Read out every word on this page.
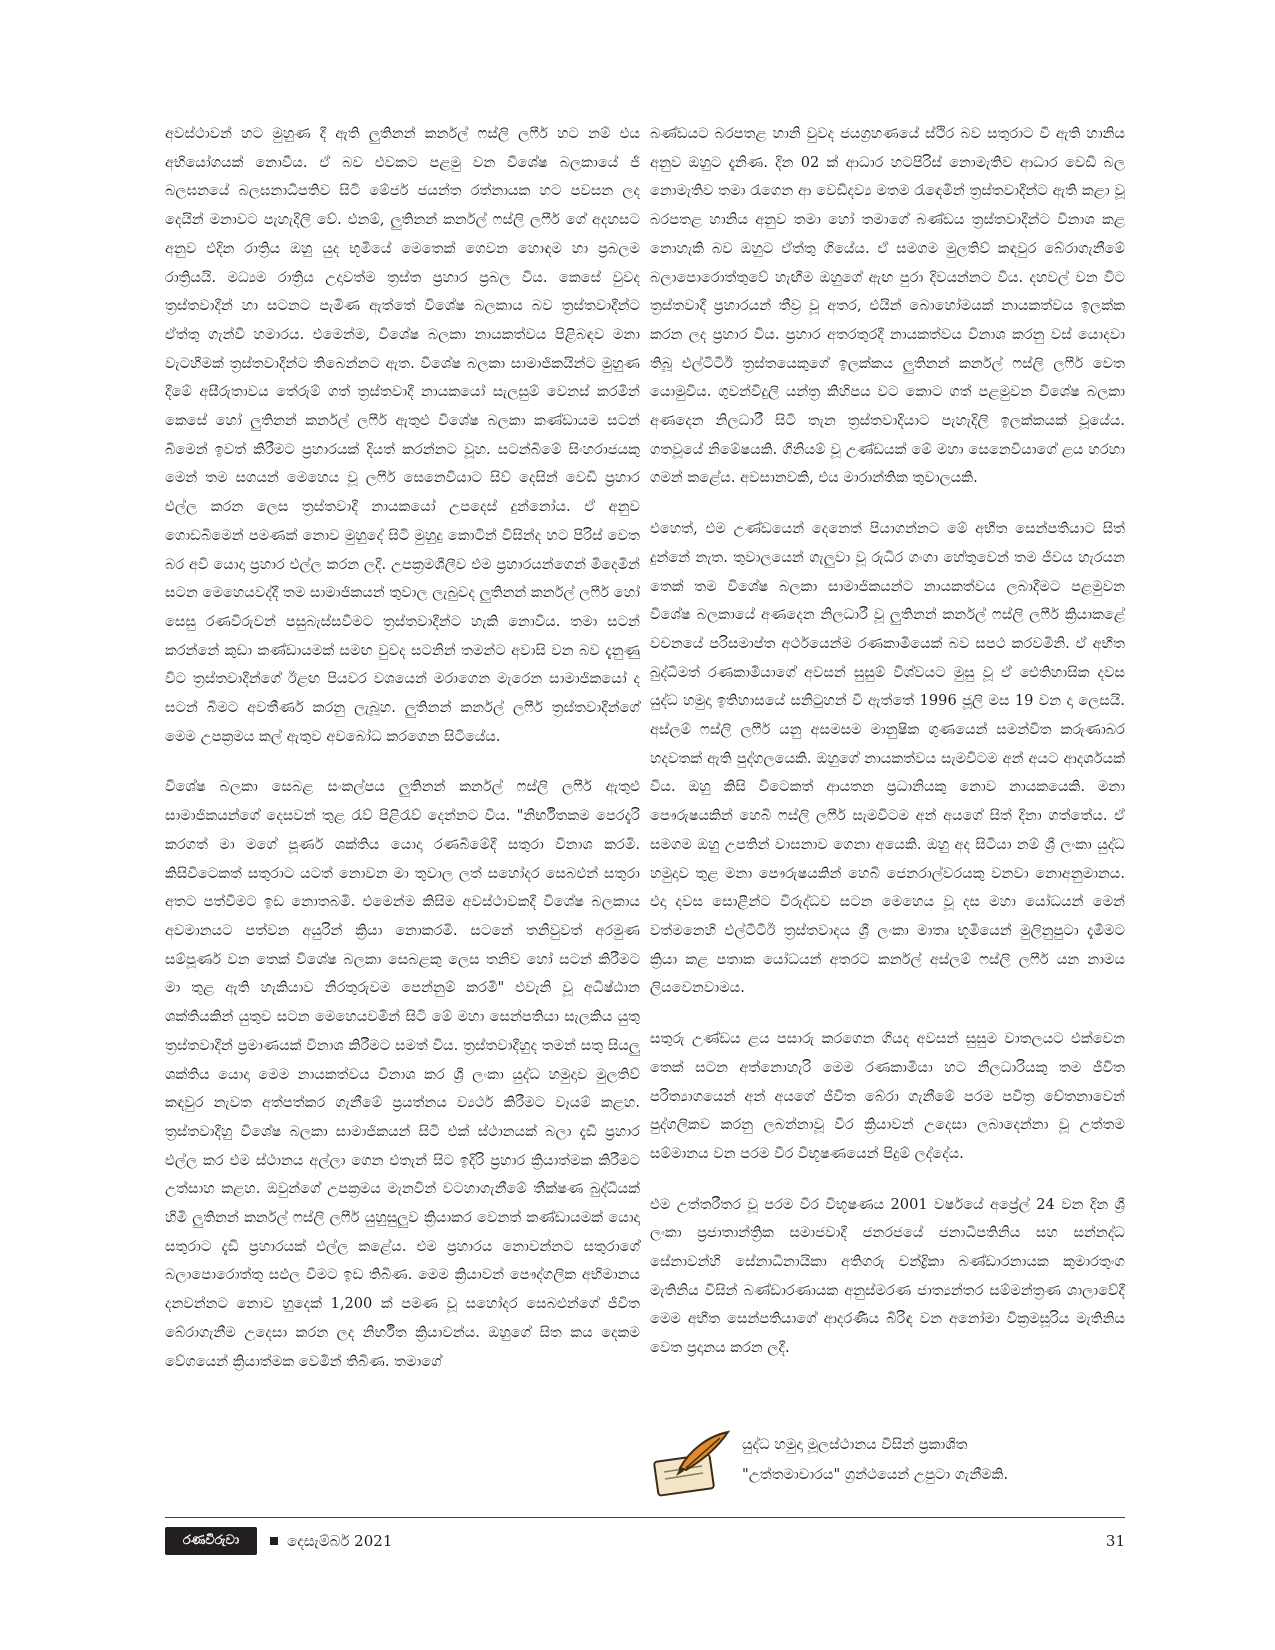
අවස්ථාවන් හට මුහුණ දී ඇති ලුතිනන් කර්නල් ෆස්ලි ලෆීර් හට නම් එය අභියෝගයක් නොවීය. ඒ බව එවකට පළමු වන විශේෂ බලකායේ ජී බලඝනයේ බලඝනාධිපතිව සිටි මේජර් ජයන්ත රත්නායක හට පවසන ලද දෙයින් මනාවට පැහැදිලි වේ. එනම්, ලුතිනන් කර්නල් ෆස්ලි ලෆීර් ගේ අදහසට අනුව එදින රාත්‍රිය ඔහු යුද භූමියේ මෙතෙක් ගෙවන හොඳම හා ප්‍රබලම රාත්‍රියයි. මධ්‍යම රාත්‍රිය උදාවත්ම ත්‍රස්ත ප්‍රහාර ප්‍රබල විය. කෙසේ වුවද ත්‍රස්තවාදීන් හා සටනට පැමිණ ඇත්තේ විශේෂ බලකාය බව ත්‍රස්තවාදීන්ට ඒත්තු ගැන්වී හමාරය. එමෙන්ම, විශේෂ බලකා නායකත්වය පිළිබඳව මනා වැටහීමක් ත්‍රස්තවාදීන්ට තිබෙන්නට ඇත. විශේෂ බලකා සාමාජිකයින්ට මුහුණ දීමේ අසීරුතාවය තේරුම් ගත් ත්‍රස්තවාදී නායකයෝ සැලසුම් වෙනස් කරමින් කෙසේ හෝ ලුතිනන් කර්නල් ලෆීර් ඇතුළු විශේෂ බලකා කණ්ඩායම සටන් බිමෙන් ඉවත් කිරීමට ප්‍රහාරයක් දියත් කරන්නට වූහ. සටන්බිමේ සිංහරාජයකු මෙන් තම සගයන් මෙහෙය වූ ලෆීර් සෙනෙවියාට සිව් දෙසින් වෙඩි ප්‍රහාර එල්ල කරන ලෙස ත්‍රස්තවාදී නායකයෝ උපදෙස් දුන්නෝය. ඒ අනුව ගොඩබිමෙන් පමණක් නොව මුහුදේ සිටි මුහුදු කොටින් විසින්ද හට පිරිස් වෙත බර අවි යොදා ප්‍රහාර එල්ල කරන ලදී. උපක්‍රමශීලීව එම ප්‍රහාරයන්ගෙන් මිදෙමින් සටන මෙහෙයවද්දී තම සාමාජිකයන් තුවාල ලැබුවද ලුතිනන් කර්නල් ලෆීර් හෝ සෙසු රණවිරුවන් පසුබැස්සවීමට ත්‍රස්තවාදීන්ට හැකි නොවීය. තමා සටන් කරන්නේ කුඩා කණ්ඩායමක් සමඟ වුවද සටනින් තමන්ට අවාසි වන බව දැනුණු විට ත්‍රස්තවාදීන්ගේ ඊළඟ පියවර වශයෙන් මරාගෙන මැරෙන සාමාජිකයෝ ද සටන් බිමට අවතීර්ණ කරනු ලැබූහ. ලුතිනන් කර්නල් ලෆීර් ත්‍රස්තවාදීන්ගේ මෙම උපක්‍රමය කල් ඇතුව අවබෝධ කරගෙන සිටියේය.

විශේෂ බලකා සෙබළ සංකල්පය ලුතිනන් කර්නල් ෆස්ලි ලෆීර් ඇතුළු සාමාජිකයන්ගේ දෙසවන් තුළ රැව් පිළිරැව් දෙන්නට විය. "නිර්භීතකම පෙරදැරි කරගත් මා මගේ පූර්ණ ශක්තිය යොදා රණබිමේදී සතුරා විනාශ කරමි. කිසිවිටෙකත් සතුරාට යටත් නොවන මා තුවාල ලත් සහෝදර සෙබළුන් සතුරා අතට පත්වීමට ඉඩ නොතබමි. එමෙන්ම කිසිම අවස්ථාවකදී විශේෂ බලකාය අවමානයට පත්වන අයුරින් ක්‍රියා නොකරමි. සටනේ තනිවුවත් අරමුණ සම්පූර්ණ වන තෙක් විශේෂ බලකා සෙබළකු ලෙස තනිව හෝ සටන් කිරීමට මා තුළ ඇති හැකියාව නිරතුරුවම පෙන්නුම් කරමි" එවැනි වූ අධිෂ්ඨාන ශක්තියකින් යුතුව සටන මෙහෙයවමින් සිටි මේ මහා සෙන්පතියා සැලකිය යුතු ත්‍රස්තවාදීන් ප්‍රමාණයක් විනාශ කිරීමට සමත් විය. ත්‍රස්තවාදීහුද තමන් සතු සියලු ශක්තිය යොදා මෙම නායකත්වය විනාශ කර ශ්‍රී ලංකා යුද්ධ හමුදාව මුලතිව් කඳවුර නැවත අත්පත්කර ගැනීමේ ප්‍රයත්නය ව්‍යර්ථ කිරීමට වෑයම් කළහ. ත්‍රස්තවාදීහු විශේෂ බලකා සාමාජිකයන් සිටි එක් ස්ථානයක් බලා දැඩි ප්‍රහාර එල්ල කර එම ස්ථානය අල්ලා ගෙන එතැන් සිට ඉදිරි ප්‍රහාර ක්‍රියාත්මක කිරීමට උත්සාහ කළහ. ඔවුන්ගේ උපක්‍රමය මැනවින් වටහාගැනීමේ තීක්ෂණ බුද්ධියක් හිමි ලුතිනන් කර්නල් ෆස්ලි ලෆීර් යුහුසුලුව ක්‍රියාකර වෙනත් කණ්ඩායමක් යොදා සතුරාට දැඩි ප්‍රහාරයක් එල්ල කළේය. එම ප්‍රහාරය නොවන්නට සතුරාගේ බලාපොරොත්තු සඵල වීමට ඉඩ තිබිණ. මෙම ක්‍රියාවන් පෞද්ගලික අභිමානය දනවන්නට නොව හුදෙක් 1,200 ක් පමණ වූ සහෝදර සෙබළුන්ගේ ජීවිත බේරාගැනීම උදෙසා කරන ලද නිර්භීත ක්‍රියාවන්ය. ඔහුගේ සිත කය දෙකම වේගයෙන් ක්‍රියාත්මක වෙමින් තිබිණ. තමාගේ

බණ්ඩයට බරපතළ හානි වුවද ජයග්‍රහණයේ ස්ථිර බව සතුරාට වී ඇති හානිය අනුව ඔහුට දැනිණ. දින 02 ක් ආධාර හටපිරිස් නොමැතිව ආධාර වෙඩි බල නොමැතිව තමා රැගෙන ආ වෙඩිදව්‍ය මතම රැඳෙමින් ත්‍රස්තවාදීන්ට ඇති කළා වූ බරපතළ හානිය අනුව තමා හෝ තමාගේ බණ්ඩය ත්‍රස්තවාදීන්ට විනාශ කළ නොහැකි බව ඔහුට ඒත්තු ගියේය. ඒ සමගම මුලතිව් කඳවුර බේරාගැනීමේ බලාපොරොත්තුවේ හැඟීම ඔහුගේ ඇඟ පුරා දිවයන්නට විය. දහවල් වන විට ත්‍රස්තවාදී ප්‍රහාරයන් තීව්‍ර වූ අතර, එයින් බොහෝමයක් නායකත්වය ඉලක්ක කරන ලද ප්‍රහාර විය. ප්‍රහාර අතරතුරදී නායකත්වය විනාශ කරනු වස් යොදවා තිබූ එල්ටීටීඊ ත්‍රස්තයෙකුගේ ඉලක්කය ලුතිනන් කර්නල් ෆස්ලි ලෆීර් වෙත යොමුවිය. ගුවන්විදුලි යන්ත්‍ර කිහිපය වට කොට ගත් පළමුවන විශේෂ බලකා අණදෙන නිලධාරී සිටි තැන ත්‍රස්තවාදියාට පැහැදිලි ඉලක්කයක් වූයේය. ගතවූයේ නිමේෂයකි. ගිනියම් වූ උණ්ඩයක් මේ මහා සෙනෙවියාගේ ළය හරහා ගමන් කළේය. අවසානවකි, එය මාරාන්තික තුවාලයකි.

එහෙත්, එම උණ්ඩයෙන් දෙනෙත් පියාගන්නට මේ අභීත සෙන්පතියාට සිත් දුන්නේ නැත. තුවාලයෙන් ගැලුවා වූ රුධිර ගංගා හේතුවෙන් තම ජීවය හැරයන තෙක් තම විශේෂ බලකා සාමාජිකයන්ට නායකත්වය ලබාදීමට පළමුවන විශේෂ බලකායේ අණදෙන නිලධාරී වූ ලුතිනන් කර්නල් ෆස්ලි ලෆීර් ක්‍රියාකළේ වචනයේ පරිසමාප්ත අර්ථයෙන්ම රණකාමියෙක් බව සපථ කරවමිනි. ඒ අභීත බුද්ධිමත් රණකාමියාගේ අවසන් සුසුම් විශ්වයට මුසු වූ ඒ ඓතිහාසික දවස යුද්ධ හමුදා ඉතිහාසයේ සනිටුහන් වී ඇත්තේ 1996 ජූලි මස 19 වන දා ලෙසයි. අස්ලම් ෆස්ලි ලෆීර් යනු අසමසම මානුෂික ගුණයෙන් සමන්විත කරුණාබර හදවතක් ඇති පුද්ගලයෙකි. ඔහුගේ නායකත්වය සැමවිටම අන් අයට ආදර්ශයක් විය. ඔහු කිසි විටෙකත් ආයතන ප්‍රධානියකු නොව නායකයෙකි. මනා පෞරුෂයකින් හෙබි ෆස්ලි ලෆීර් සැමවිටම අන් අයගේ සිත් දිනා ගත්තේය. ඒ සමගම ඔහු උපතින් වාසනාව ගෙනා අයෙකි. ඔහු අද සිටියා නම් ශ්‍රී ලංකා යුද්ධ හමුදාව තුළ මනා පෞරුෂයකින් හෙබි ජෙනරාල්වරයකු වනවා නොඅනුමානය. එදා දවස සොළීන්ට විරුද්ධව සටන මෙහෙය වූ දස මහා යෝධයන් මෙන් වත්මනෙහි එල්ටීටීඊ ත්‍රස්තවාදය ශ්‍රී ලංකා මාතෘ භූමියෙන් මුලිනුපුටා දැමීමට ක්‍රියා කළ පතාක යෝධයන් අතරට කර්නල් අස්ලම් ෆස්ලි ලෆීර් යන නාමය ලියවෙනවාමය.

සතුරු උණ්ඩය ළය පසාරු කරගෙන ගියද අවසන් සුසුම වාතලයට එක්වෙන තෙක් සටන අත්නොහැරි මෙම රණකාමියා හට නිලධාරියකු තම ජීවිත පරිත්‍යාගයෙන් අන් අයගේ ජීවිත බේරා ගැනීමේ පරම පවිත්‍ර චේතනාවෙන් පුද්ගලිකව කරනු ලබන්නාවූ වීර ක්‍රියාවන් උදෙසා ලබාදෙන්නා වූ උත්තම සම්මානය වන පරම වීර විභූෂණයෙන් පිදුම් ලද්දේය.

එම උත්තරීතර වූ පරම වීර විභූෂණය 2001 වර්ෂයේ අප්‍රේල් 24 වන දින ශ්‍රී ලංකා ප්‍රජාතාන්ත්‍රික සමාජවාදී ජනරජයේ ජනාධිපතිනිය සහ සන්නද්ධ සේනාවන්හි සේනාධිනායිකා අතිගරු චන්ද්‍රිකා බණ්ඩාරනායක කුමාරතුංග මැතිනිය විසින් බණ්ඩාරණායක අනුස්මරණ ජාත්‍යන්තර සම්මන්ත්‍රණ ශාලාවේදී මෙම අභීත සෙන්පතියාගේ ආදරණීය බිරිඳ වන අනෝමා වික්‍රමසූරිය මැතිනිය වෙත ප්‍රදානය කරන ලදී.

යුද්ධ හමුදා මූලස්ථානය විසින් ප්‍රකාශිත
"උත්තමාචාරය" ග්‍රන්ථයෙන් උපුටා ගැනීමකි.
රණවිරුවා	දෙසැම්බර් 2021	31
